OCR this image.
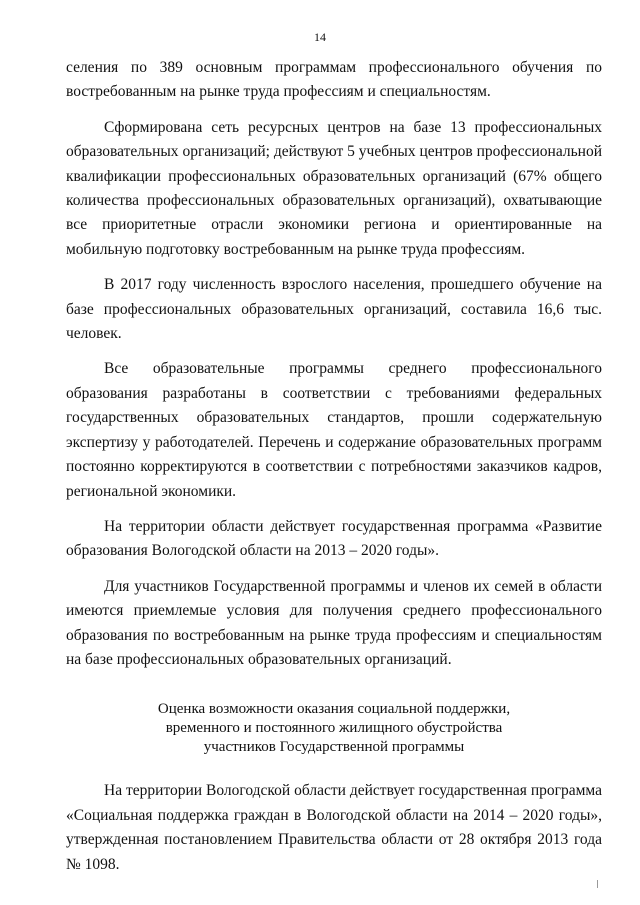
14

селения по 389 основным программам профессионального обучения по востребованным на рынке труда профессиям и специальностям.

Сформирована сеть ресурсных центров на базе 13 профессиональных образовательных организаций; действуют 5 учебных центров профессиональной квалификации профессиональных образовательных организаций (67% общего количества профессиональных образовательных организаций), охватывающие все приоритетные отрасли экономики региона и ориентированные на мобильную подготовку востребованным на рынке труда профессиям.

В 2017 году численность взрослого населения, прошедшего обучение на базе профессиональных образовательных организаций, составила 16,6 тыс. человек.

Все образовательные программы среднего профессионального образования разработаны в соответствии с требованиями федеральных государственных образовательных стандартов, прошли содержательную экспертизу у работодателей. Перечень и содержание образовательных программ постоянно корректируются в соответствии с потребностями заказчиков кадров, региональной экономики.

На территории области действует государственная программа «Развитие образования Вологодской области на 2013 – 2020 годы».

Для участников Государственной программы и членов их семей в области имеются приемлемые условия для получения среднего профессионального образования по востребованным на рынке труда профессиям и специальностям на базе профессиональных образовательных организаций.

Оценка возможности оказания социальной поддержки,
временного и постоянного жилищного обустройства
участников Государственной программы

На территории Вологодской области действует государственная программа «Социальная поддержка граждан в Вологодской области на 2014 – 2020 годы», утвержденная постановлением Правительства области от 28 октября 2013 года № 1098.
